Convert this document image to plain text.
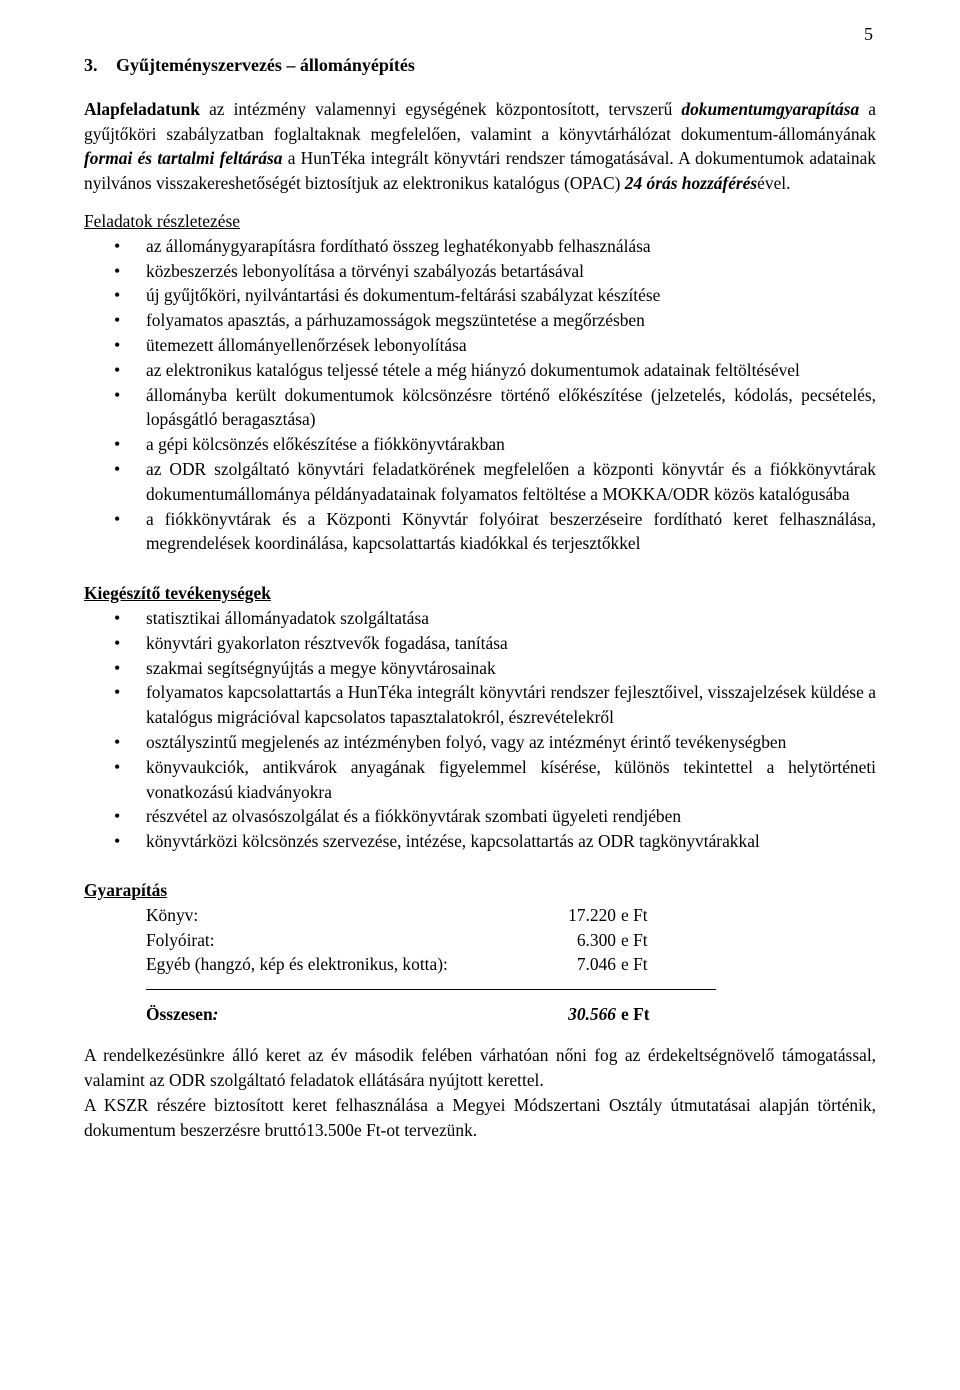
5
3. Gyűjteményszervezés – állományépítés

Alapfeladatunk az intézmény valamennyi egységének központosított, tervszerű dokumentumgyarapítása a gyűjtőköri szabályzatban foglaltaknak megfelelően, valamint a könyvtárhálózat dokumentum-állományának formai és tartalmi feltárása a HunTéka integrált könyvtári rendszer támogatásával. A dokumentumok adatainak nyilvános visszakereshetőségét biztosítjuk az elektronikus katalógus (OPAC) 24 órás hozzáférésével.

Feladatok részletezése
• az állománygyarapításra fordítható összeg leghatékonyabb felhasználása
• közbeszerzés lebonyolítása a törvényi szabályozás betartásával
• új gyűjtőköri, nyilvántartási és dokumentum-feltárási szabályzat készítése
• folyamatos apasztás, a párhuzamosságok megszüntetése a megőrzésben
• ütemezett állományellenőrzések lebonyolítása
• az elektronikus katalógus teljessé tétele a még hiányzó dokumentumok adatainak feltöltésével
• állományba került dokumentumok kölcsönzésre történő előkészítése (jelzetelés, kódolás, pecsételés, lopásgátló beragasztása)
• a gépi kölcsönzés előkészítése a fiókkönyvtárakban
• az ODR szolgáltató könyvtári feladatkörének megfelelően a központi könyvtár és a fiókkönyvtárak dokumentumállománya példányadatainak folyamatos feltöltése a MOKKA/ODR közös katalógusába
• a fiókkönyvtárak és a Központi Könyvtár folyóirat beszerzéseire fordítható keret felhasználása, megrendelések koordinálása, kapcsolattartás kiadókkal és terjesztőkkel
Kiegészítő tevékenységek
• statisztikai állományadatok szolgáltatása
• könyvtári gyakorlaton résztvevők fogadása, tanítása
• szakmai segítségnyújtás a megye könyvtárosainak
• folyamatos kapcsolattartás a HunTéka integrált könyvtári rendszer fejlesztőivel, visszajelzések küldése a katalógus migrációval kapcsolatos tapasztalatokról, észrevételekről
• osztályszintű megjelenés az intézményben folyó, vagy az intézményt érintő tevékenységben
• könyvaukciók, antikvárok anyagának figyelemmel kísérése, különös tekintettel a helytörténeti vonatkozású kiadványokra
• részvétel az olvasószolgálat és a fiókkönyvtárak szombati ügyeleti rendjében
• könyvtárközi kölcsönzés szervezése, intézése, kapcsolattartás az ODR tagkönyvtárakkal
Gyarapítás
Könyv:	17.220	e Ft
Folyóirat:	6.300	e Ft
Egyéb (hangzó, kép és elektronikus, kotta):	7.046	e Ft

Összesen:	30.566	e Ft

A rendelkezésünkre álló keret az év második felében várhatóan nőni fog az érdekeltségnövelő támogatással, valamint az ODR szolgáltató feladatok ellátására nyújtott kerettel.

A KSZR részére biztosított keret felhasználása a Megyei Módszertani Osztály útmutatásai alapján történik, dokumentum beszerzésre bruttó13.500e Ft-ot tervezünk.
